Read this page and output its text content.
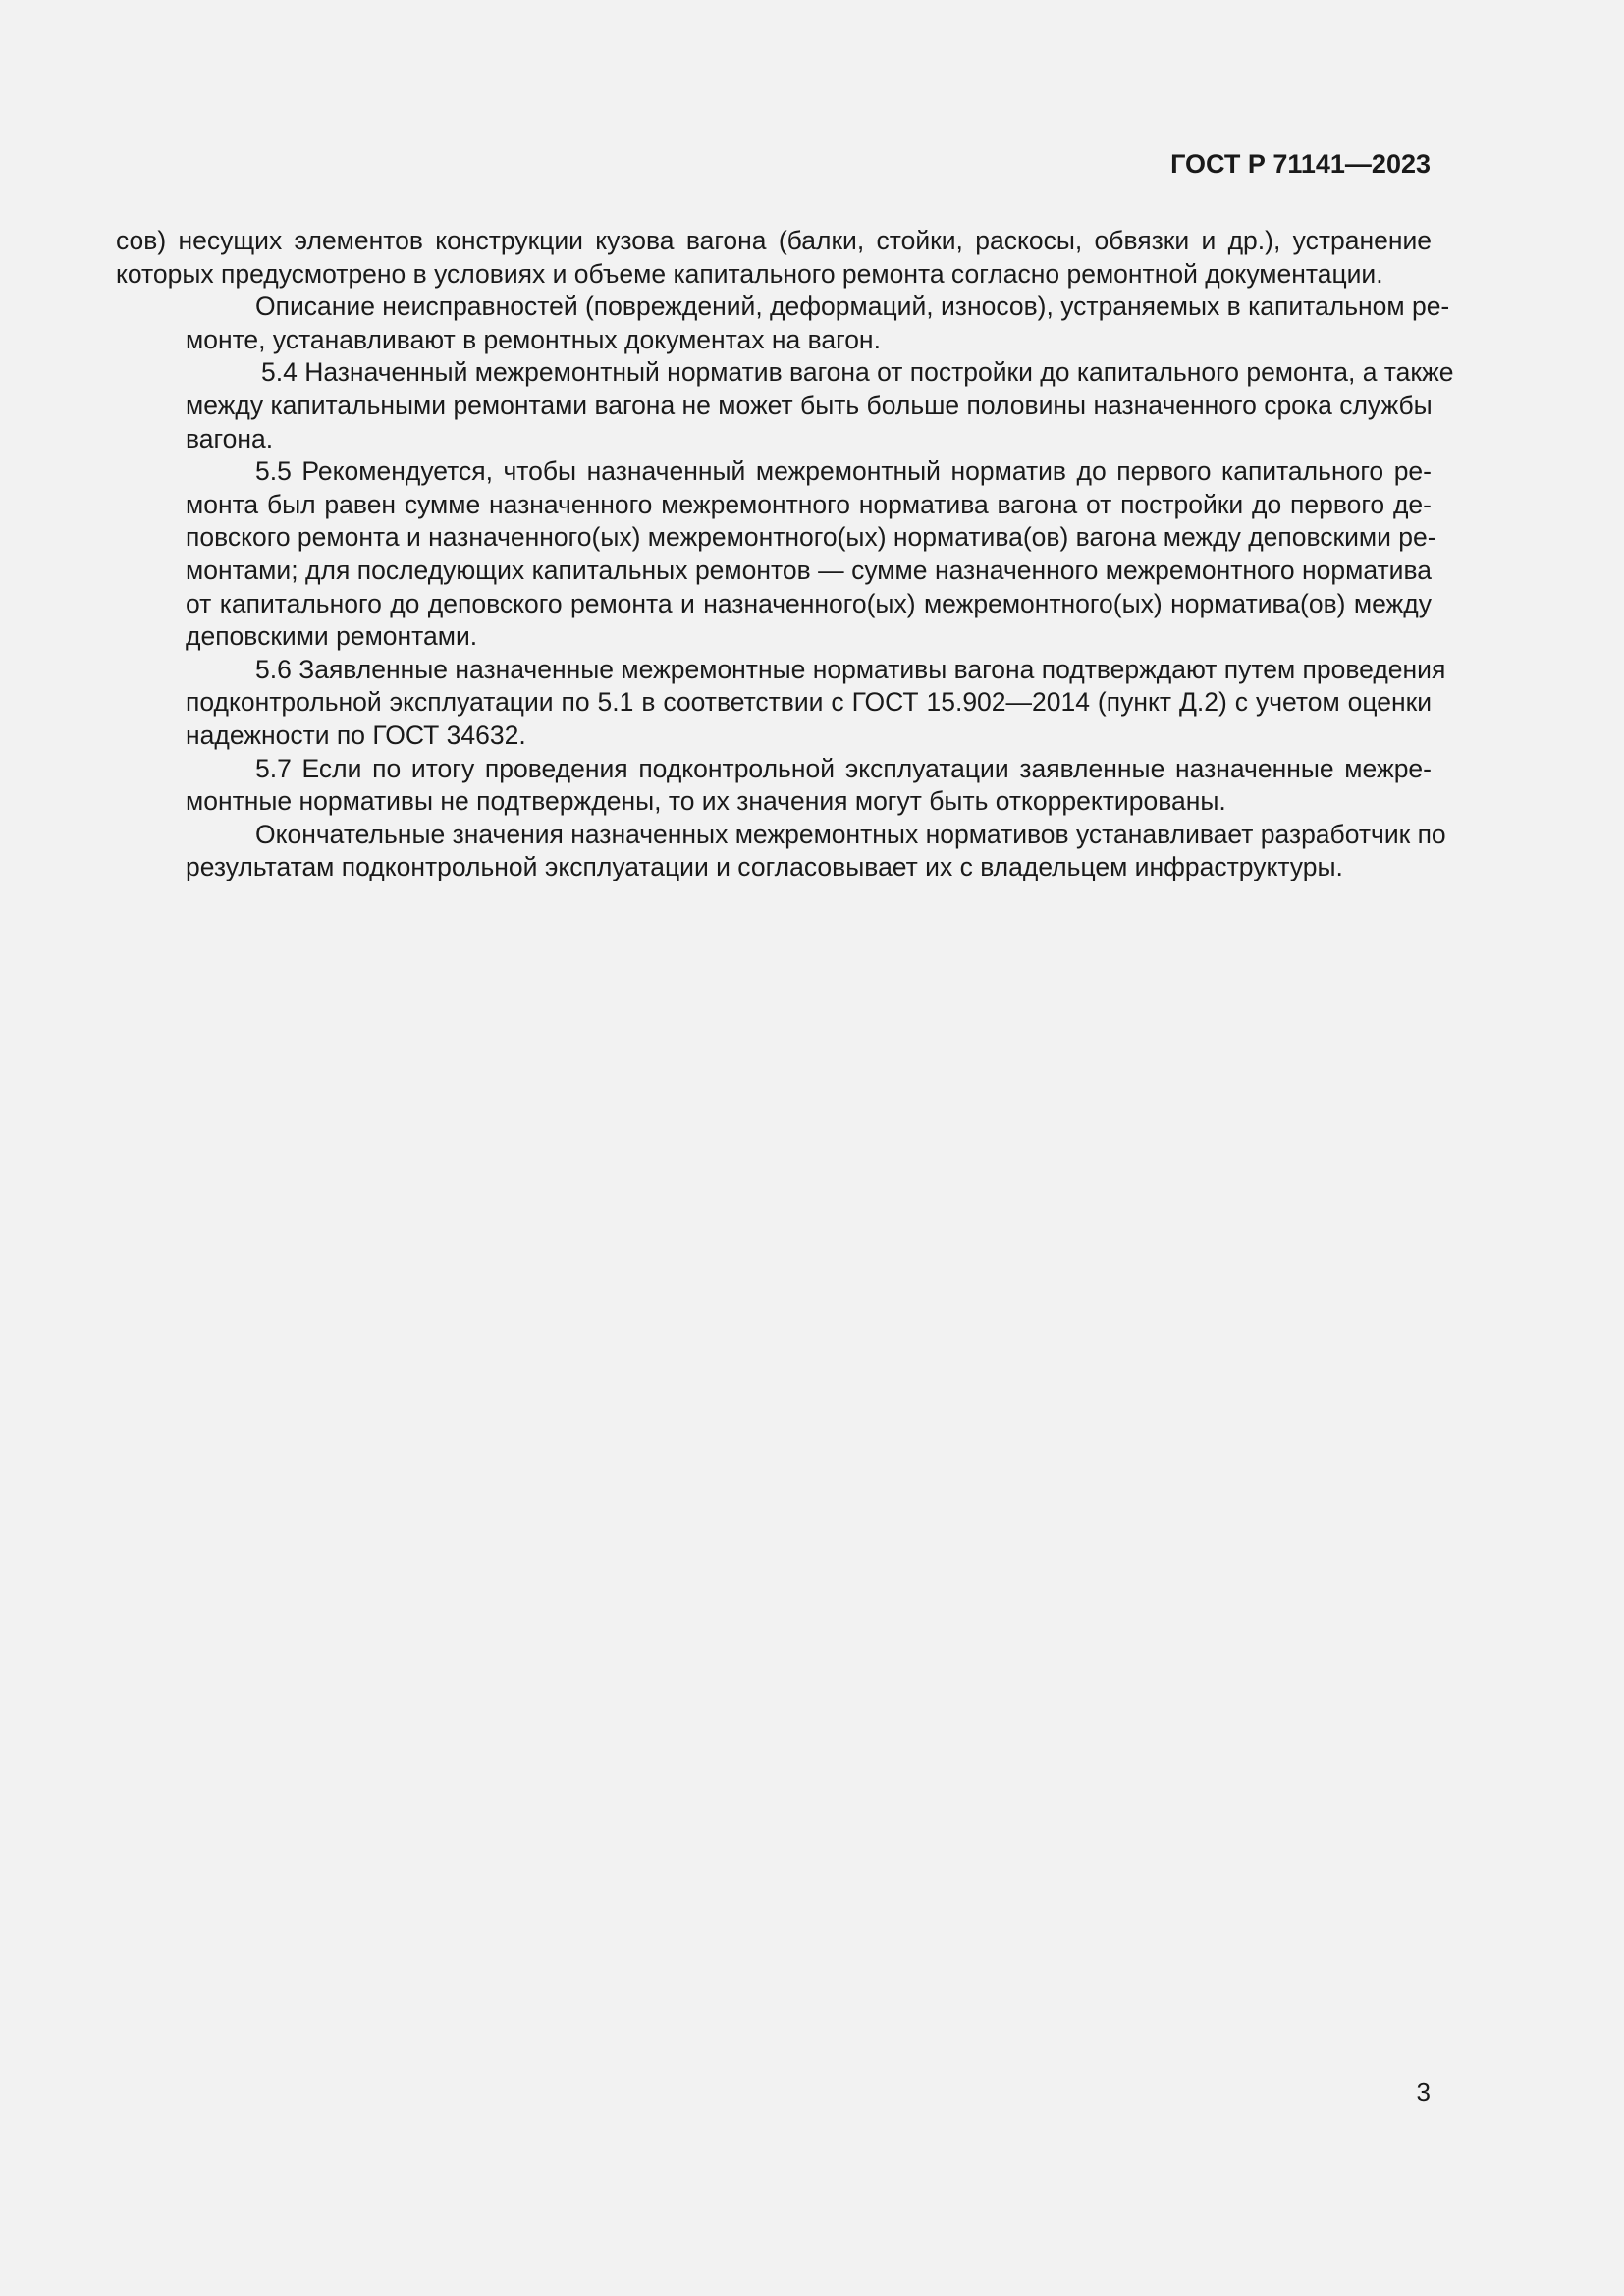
ГОСТ Р 71141—2023

сов) несущих элементов конструкции кузова вагона (балки, стойки, раскосы, обвязки и др.), устранение
которых предусмотрено в условиях и объеме капитального ремонта согласно ремонтной документации.

Описание неисправностей (повреждений, деформаций, износов), устраняемых в капитальном ре-
монте, устанавливают в ремонтных документах на вагон.

5.4 Назначенный межремонтный норматив вагона от постройки до капитального ремонта, а также
между капитальными ремонтами вагона не может быть больше половины назначенного срока службы
вагона.

5.5 Рекомендуется, чтобы назначенный межремонтный норматив до первого капитального ре-
монта был равен сумме назначенного межремонтного норматива вагона от постройки до первого де-
повского ремонта и назначенного(ых) межремонтного(ых) норматива(ов) вагона между деповскими ре-
монтами; для последующих капитальных ремонтов — сумме назначенного межремонтного норматива
от капитального до деповского ремонта и назначенного(ых) межремонтного(ых) норматива(ов) между
деповскими ремонтами.

5.6 Заявленные назначенные межремонтные нормативы вагона подтверждают путем проведения
подконтрольной эксплуатации по 5.1 в соответствии с ГОСТ 15.902—2014 (пункт Д.2) с учетом оценки
надежности по ГОСТ 34632.

5.7 Если по итогу проведения подконтрольной эксплуатации заявленные назначенные межре-
монтные нормативы не подтверждены, то их значения могут быть откорректированы.

Окончательные значения назначенных межремонтных нормативов устанавливает разработчик по
результатам подконтрольной эксплуатации и согласовывает их с владельцем инфраструктуры.

3
